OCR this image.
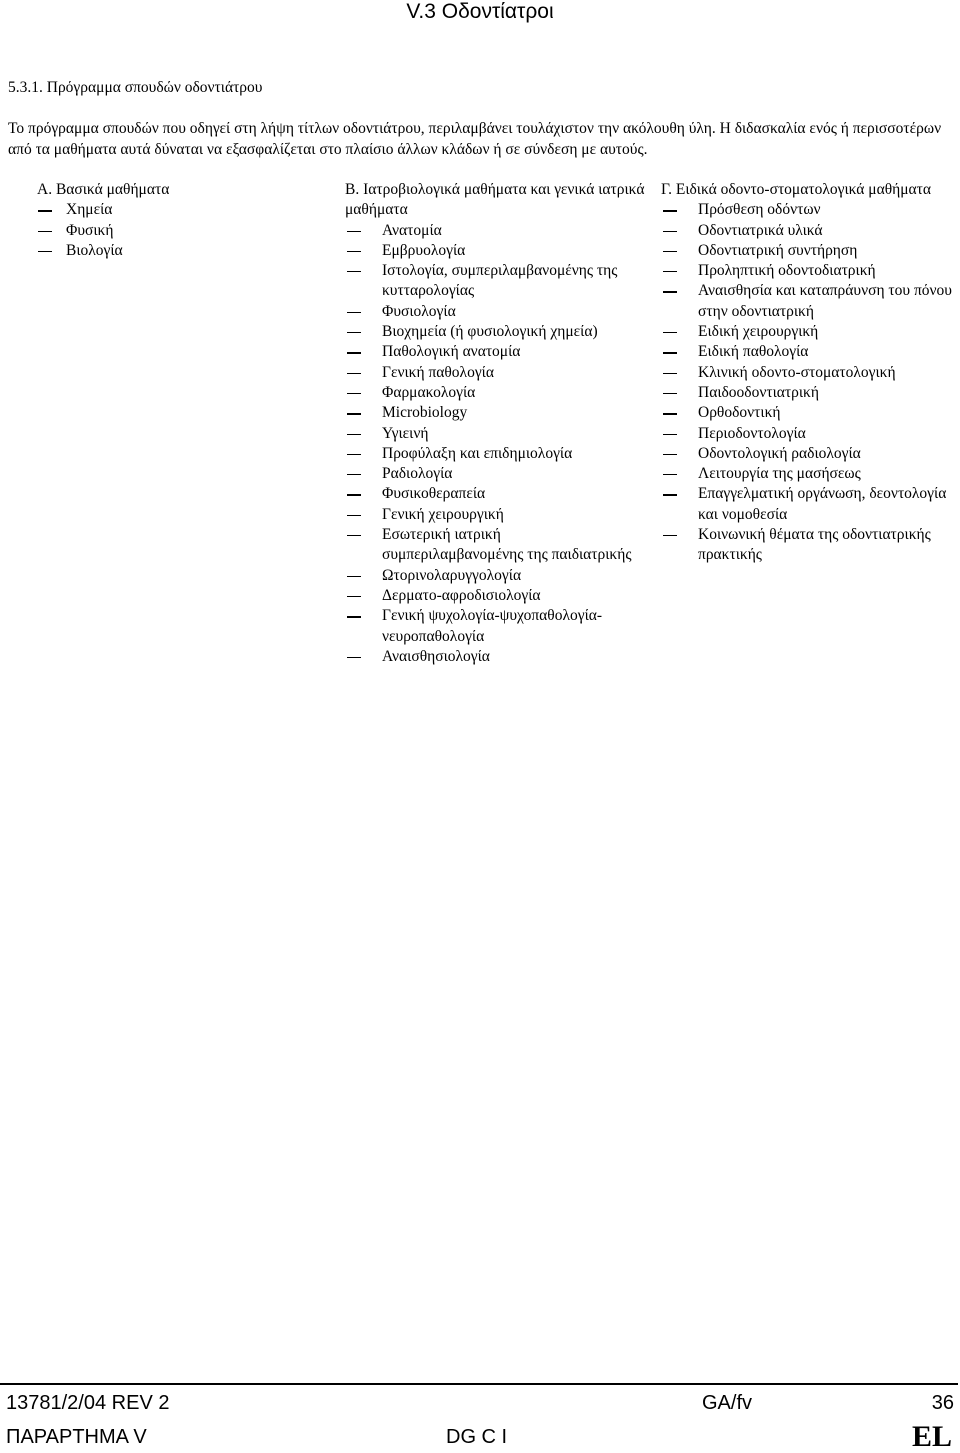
V.3 Οδοντίατροι
5.3.1. Πρόγραμμα σπουδών οδοντιάτρου
Το πρόγραμμα σπουδών που οδηγεί στη λήψη τίτλων οδοντιάτρου, περιλαμβάνει τουλάχιστον την ακόλουθη ύλη. Η διδασκαλία ενός ή περισσοτέρων από τα μαθήματα αυτά δύναται να εξασφαλίζεται στο πλαίσιο άλλων κλάδων ή σε σύνδεση με αυτούς.
Α. Βασικά μαθήματα
Χημεία
Φυσική
Βιολογία
Β. Ιατροβιολογικά μαθήματα και γενικά ιατρικά μαθήματα
Ανατομία
Εμβρυολογία
Ιστολογία, συμπεριλαμβανομένης της κυτταρολογίας
Φυσιολογία
Βιοχημεία (ή φυσιολογική χημεία)
Παθολογική ανατομία
Γενική παθολογία
Φαρμακολογία
Microbiology
Υγιεινή
Προφύλαξη και επιδημιολογία
Ραδιολογία
Φυσικοθεραπεία
Γενική χειρουργική
Εσωτερική ιατρική συμπεριλαμβανομένης της παιδιατρικής
Ωτορινολαρυγγολογία
Δερματο-αφροδισιολογία
Γενική ψυχολογία-ψυχοπαθολογία-νευροπαθολογία
Αναισθησιολογία
Γ. Ειδικά οδοντο-στοματολογικά μαθήματα
Πρόσθεση οδόντων
Οδοντιατρικά υλικά
Οδοντιατρική συντήρηση
Προληπτική οδοντοδιατρική
Αναισθησία και καταπράυνση του πόνου στην οδοντιατρική
Ειδική χειρουργική
Ειδική παθολογία
Κλινική οδοντο-στοματολογική
Παιδοοδοντιατρική
Ορθοδοντική
Περιοδοντολογία
Οδοντολογική ραδιολογία
Λειτουργία της μασήσεως
Επαγγελματική οργάνωση, δεοντολογία και νομοθεσία
Κοινωνική θέματα της οδοντιατρικής πρακτικής
13781/2/04 REV 2	GA/fv	36
ΠΑΡΑΡΤΗΜΑ V	DG C I	EL
